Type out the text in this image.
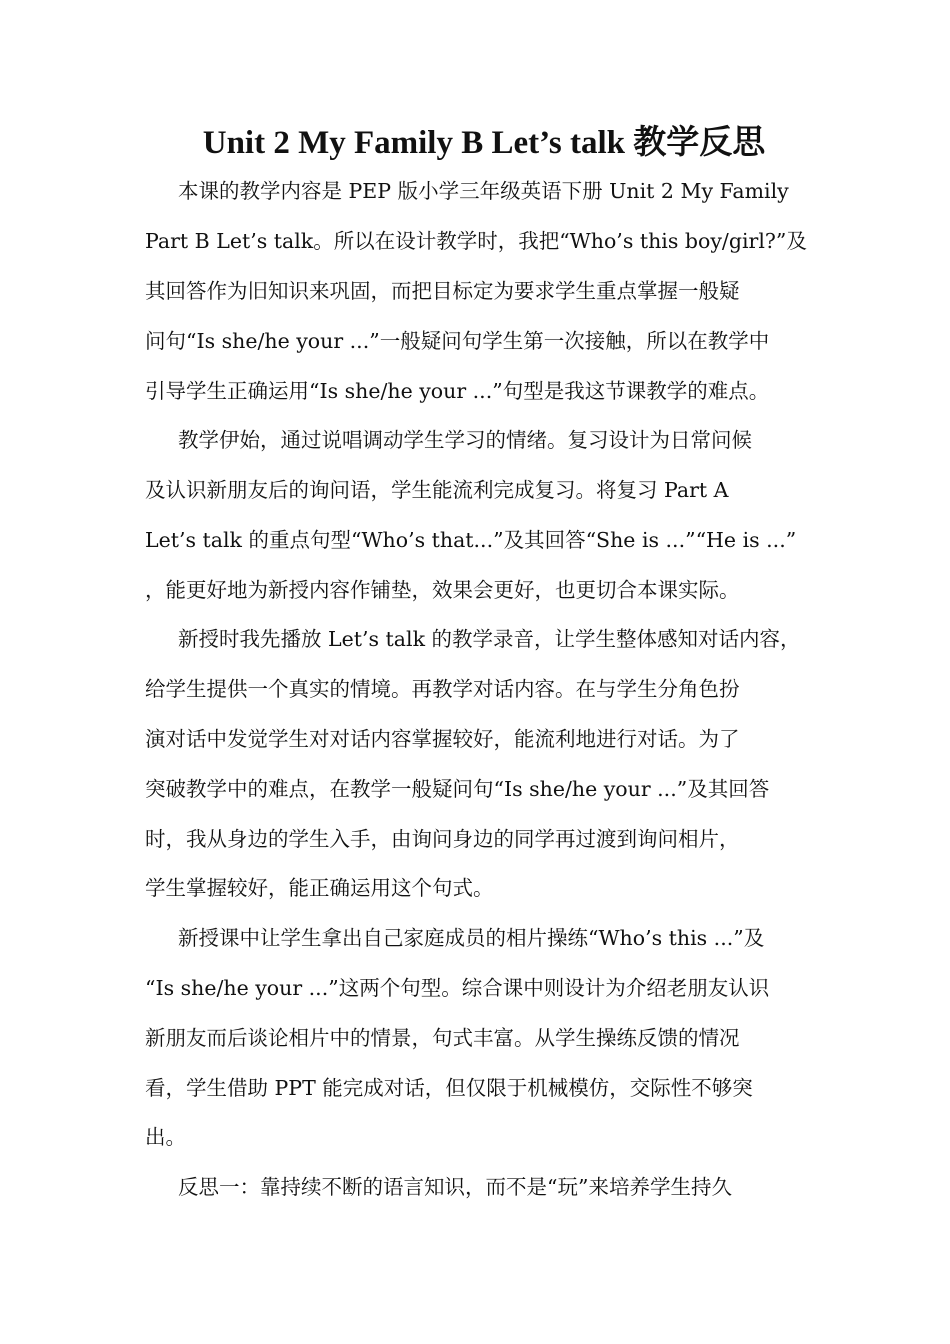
Unit 2 My Family B Let’s talk 教学反思

本课的教学内容是 PEP 版小学三年级英语下册 Unit 2 My Family

Part B Let’s talk。所以在设计教学时，我把“Who’s this boy/girl?”及

其回答作为旧知识来巩固，而把目标定为要求学生重点掌握一般疑

问句“Is she/he your ...”一般疑问句学生第一次接触，所以在教学中

引导学生正确运用“Is she/he your ...”句型是我这节课教学的难点。

教学伊始，通过说唱调动学生学习的情绪。复习设计为日常问候

及认识新朋友后的询问语，学生能流利完成复习。将复习 Part A

Let’s talk 的重点句型“Who’s that...”及其回答“She is ...”“He is ...”

，能更好地为新授内容作铺垫，效果会更好，也更切合本课实际。

新授时我先播放 Let’s talk 的教学录音，让学生整体感知对话内容，

给学生提供一个真实的情境。再教学对话内容。在与学生分角色扮

演对话中发觉学生对对话内容掌握较好，能流利地进行对话。为了

突破教学中的难点，在教学一般疑问句“Is she/he your ...”及其回答

时，我从身边的学生入手，由询问身边的同学再过渡到询问相片，

学生掌握较好，能正确运用这个句式。

新授课中让学生拿出自己家庭成员的相片操练“Who’s this ...”及

“Is she/he your ...”这两个句型。综合课中则设计为介绍老朋友认识

新朋友而后谈论相片中的情景，句式丰富。从学生操练反馈的情况

看，学生借助 PPT 能完成对话，但仅限于机械模仿，交际性不够突

出。

反思一：靠持续不断的语言知识，而不是“玩”来培养学生持久
